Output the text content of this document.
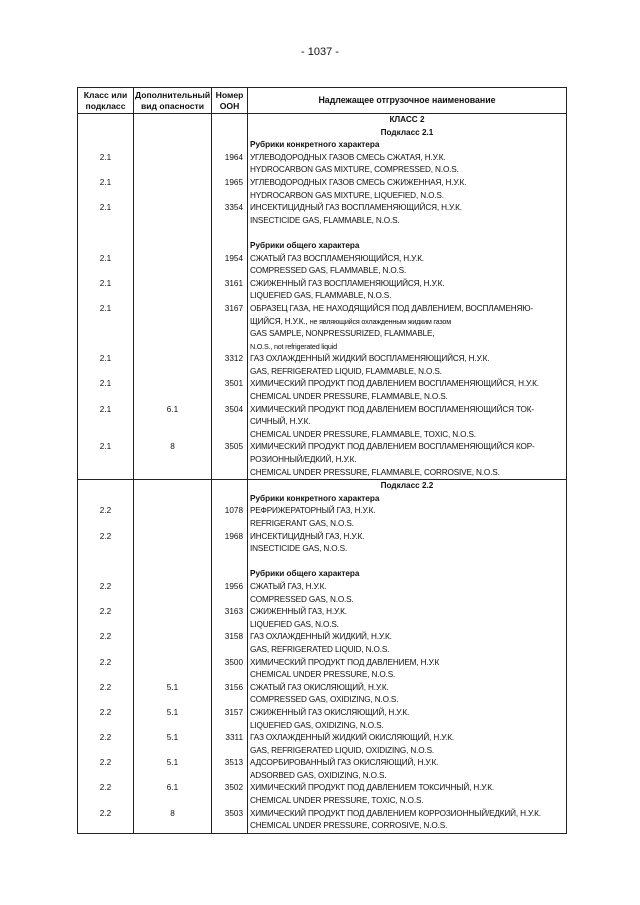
- 1037 -
Класс или подкласс	Дополнительный вид опасности	Номер ООН	Надлежащее отгрузочное наименование
			КЛАСС 2
			Подкласс 2.1
			Рубрики конкретного характера
2.1		1964	УГЛЕВОДОРОДНЫХ ГАЗОВ СМЕСЬ СЖАТАЯ, Н.У.К.
HYDROCARBON GAS MIXTURE, COMPRESSED, N.O.S.
2.1		1965	УГЛЕВОДОРОДНЫХ ГАЗОВ СМЕСЬ СЖИЖЕННАЯ, Н.У.К.
HYDROCARBON GAS MIXTURE, LIQUEFIED, N.O.S.
2.1		3354	ИНСЕКТИЦИДНЫЙ ГАЗ ВОСПЛАМЕНЯЮЩИЙСЯ, Н.У.К.
INSECTICIDE GAS, FLAMMABLE, N.O.S.

			Рубрики общего характера
2.1		1954	СЖАТЫЙ ГАЗ ВОСПЛАМЕНЯЮЩИЙСЯ, Н.У.К.
COMPRESSED GAS, FLAMMABLE, N.O.S.
2.1		3161	СЖИЖЕННЫЙ ГАЗ ВОСПЛАМЕНЯЮЩИЙСЯ, Н.У.К.
LIQUEFIED GAS, FLAMMABLE, N.O.S.
2.1		3167	ОБРАЗЕЦ ГАЗА, НЕ НАХОДЯЩИЙСЯ ПОД ДАВЛЕНИЕМ, ВОСПЛАМЕНЯЮ-
ЩИЙСЯ, Н.У.К., не являющийся охлажденным жидким газом
GAS SAMPLE, NONPRESSURIZED, FLAMMABLE,
N.O.S., not refrigerated liquid
2.1		3312	ГАЗ ОХЛАЖДЕННЫЙ ЖИДКИЙ ВОСПЛАМЕНЯЮЩИЙСЯ, Н.У.К.
GAS, REFRIGERATED LIQUID, FLAMMABLE, N.O.S.
2.1		3501	ХИМИЧЕСКИЙ ПРОДУКТ ПОД ДАВЛЕНИЕМ ВОСПЛАМЕНЯЮЩИЙСЯ, Н.У.К.
CHEMICAL UNDER PRESSURE, FLAMMABLE, N.O.S.
2.1	6.1	3504	ХИМИЧЕСКИЙ ПРОДУКТ ПОД ДАВЛЕНИЕМ ВОСПЛАМЕНЯЮЩИЙСЯ ТОК-
СИЧНЫЙ, Н.У.К.
CHEMICAL UNDER PRESSURE, FLAMMABLE, TOXIC, N.O.S.
2.1	8	3505	ХИМИЧЕСКИЙ ПРОДУКТ ПОД ДАВЛЕНИЕМ ВОСПЛАМЕНЯЮЩИЙСЯ КОР-
РОЗИОННЫЙ/ЕДКИЙ, Н.У.К.
CHEMICAL UNDER PRESSURE, FLAMMABLE, CORROSIVE, N.O.S.
			Подкласс 2.2
			Рубрики конкретного характера
2.2		1078	РЕФРИЖЕРАТОРНЫЙ ГАЗ, Н.У.К.
REFRIGERANT GAS, N.O.S.
2.2		1968	ИНСЕКТИЦИДНЫЙ ГАЗ, Н.У.К.
INSECTICIDE GAS, N.O.S.

			Рубрики общего характера
2.2		1956	СЖАТЫЙ ГАЗ, Н.У.К.
COMPRESSED GAS, N.O.S.
2.2		3163	СЖИЖЕННЫЙ ГАЗ, Н.У.К.
LIQUEFIED GAS, N.O.S.
2.2		3158	ГАЗ ОХЛАЖДЕННЫЙ ЖИДКИЙ, Н.У.К.
GAS, REFRIGERATED LIQUID, N.O.S.
2.2		3500	ХИМИЧЕСКИЙ ПРОДУКТ ПОД ДАВЛЕНИЕМ, Н.У.К
CHEMICAL UNDER PRESSURE, N.O.S.
2.2	5.1	3156	СЖАТЫЙ ГАЗ ОКИСЛЯЮЩИЙ, Н.У.К.
COMPRESSED GAS, OXIDIZING, N.O.S.
2.2	5.1	3157	СЖИЖЕННЫЙ ГАЗ ОКИСЛЯЮЩИЙ, Н.У.К.
LIQUEFIED GAS, OXIDIZING, N.O.S.
2.2	5.1	3311	ГАЗ ОХЛАЖДЕННЫЙ ЖИДКИЙ ОКИСЛЯЮЩИЙ, Н.У.К.
GAS, REFRIGERATED LIQUID, OXIDIZING, N.O.S.
2.2	5.1	3513	АДСОРБИРОВАННЫЙ ГАЗ ОКИСЛЯЮЩИЙ, Н.У.К.
ADSORBED GAS, OXIDIZING, N.O.S.
2.2	6.1	3502	ХИМИЧЕСКИЙ ПРОДУКТ ПОД ДАВЛЕНИЕМ ТОКСИЧНЫЙ, Н.У.К.
CHEMICAL UNDER PRESSURE, TOXIC, N.O.S.
2.2	8	3503	ХИМИЧЕСКИЙ ПРОДУКТ ПОД ДАВЛЕНИЕМ КОРРОЗИОННЫЙ/ЕДКИЙ, Н.У.К.
CHEMICAL UNDER PRESSURE, CORROSIVE, N.O.S.
